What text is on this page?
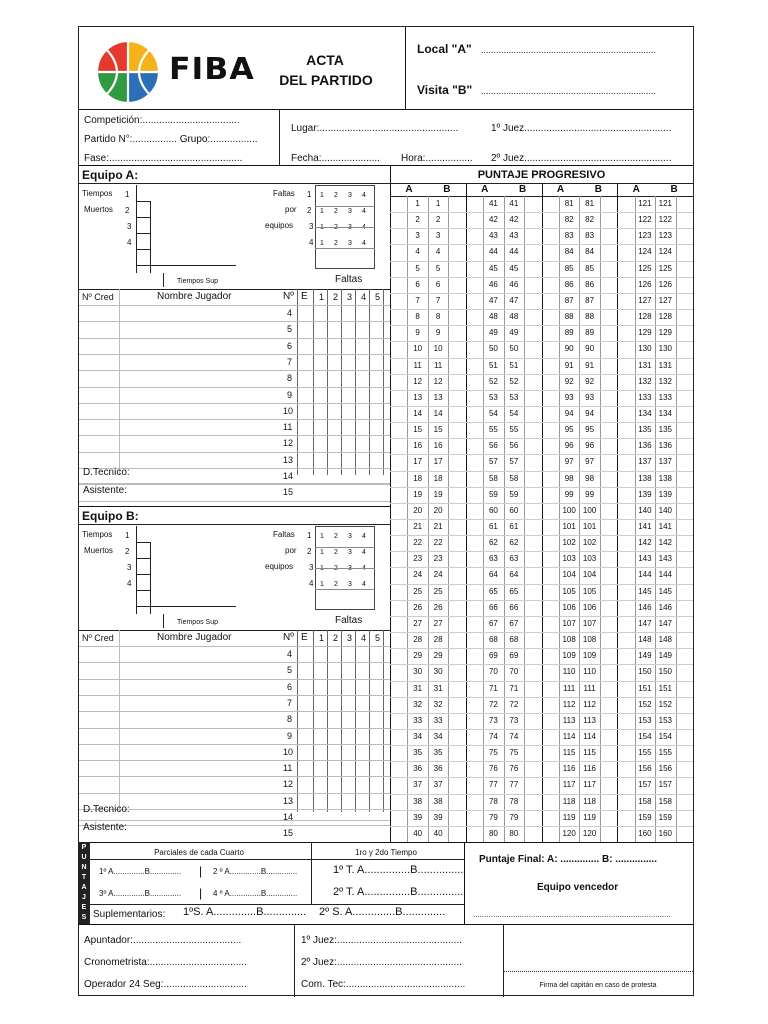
FIBA	ACTA
DEL PARTIDO
Local "A" ......................................................................
Visita "B" ......................................................................
Competición:...................................
Partido N°:................ Grupo:.................
Fase:................................................
Lugar:..................................................	1º Juez.....................................................
Fecha:..................... Hora:................. 2º Juez.....................................................
PUNTAJE PROGRESIVO
Equipo A:
Tiempos
Muertos
1
2
3
4
Tiempos Sup
Faltas
por
equipos
1 1 2 3 4
2 1 2 3 4
3 1 2 3 4
4 1 2 3 4
Faltas
Nº Cred	Nombre Jugador	Nº E 1 2 3 4 5
4
5
6
7
8
9
10
11
12
13
14
15
D.Tecnico:
Asistente:
Equipo B:
Tiempos
Muertos
1
2
3
4
Tiempos Sup
Faltas
por
equipos
1 1 2 3 4
2 1 2 3 4
3 1 2 3 4
4 1 2 3 4
Faltas
Nº Cred	Nombre Jugador	Nº E 1 2 3 4 5
4
5
6
7
8
9
10
11
12
13
14
15
D.Tecnico:
Asistente:
A	B	A	B	A	B	A	B
1	1	41	41	81	81	121 121
2	2	42	42	82	82	122 122
3	3	43	43	83	83	123 123
4	4	44	44	84	84	124 124
5	5	45	45	85	85	125 125
6	6	46	46	86	86	126 126
7	7	47	47	87	87	127 127
8	8	48	48	88	88	128 128
9	9	49	49	89	89	129 129
10	10	50	50	90	90	130 130
11	11	51	51	91	91	131 131
12	12	52	52	92	92	132 132
13	13	53	53	93	93	133 133
14	14	54	54	94	94	134 134
15	15	55	55	95	95	135 135
16	16	56	56	96	96	136 136
17	17	57	57	97	97	137 137
18	18	58	58	98	98	138 138
19	19	59	59	99	99	139 139
20	20	60	60	100 100	140 140
21	21	61	61	101 101	141 141
22	22	62	62	102 102	142 142
23	23	63	63	103 103	143 143
24	24	64	64	104 104	144 144
25	25	65	65	105 105	145 145
26	26	66	66	106 106	146 146
27	27	67	67	107 107	147 147
28	28	68	68	108 108	148 148
29	29	69	69	109 109	149 149
30	30	70	70	110 110	150 150
31	31	71	71	111	111	151 151
32	32	72	72	112 112	152 152
33	33	73	73	113 113	153 153
34	34	74	74	114 114	154 154
35	35	75	75	115 115	155 155
36	36	76	76	116 116	156 156
37	37	77	77	117 117	157 157
38	38	78	78	118 118	158 158
39	39	79	79	119 119	159 159
40	40	80	80	120 120	160 160
P
U
N
T
A
J
E
S
Parciales de cada Cuarto	1ro y 2do Tiempo
1º A..............B.............. | 2 º A..............B..............
3º A..............B.............. | 4 º A..............B..............
1º T. A...............B...............
2º T. A...............B...............
Suplementarios: 1ºS. A..............B.............. 2º S. A..............B..............
Puntaje Final: A: .............. B: ...............
Equipo vencedor
.........................................................................................
Apuntador:.......................................
Cronometrista:...................................
Operador 24 Seg:..............................
1º Juez:.............................................
2º Juez:.............................................
Com. Tec:...........................................	Firma del capitán en caso de protesta
